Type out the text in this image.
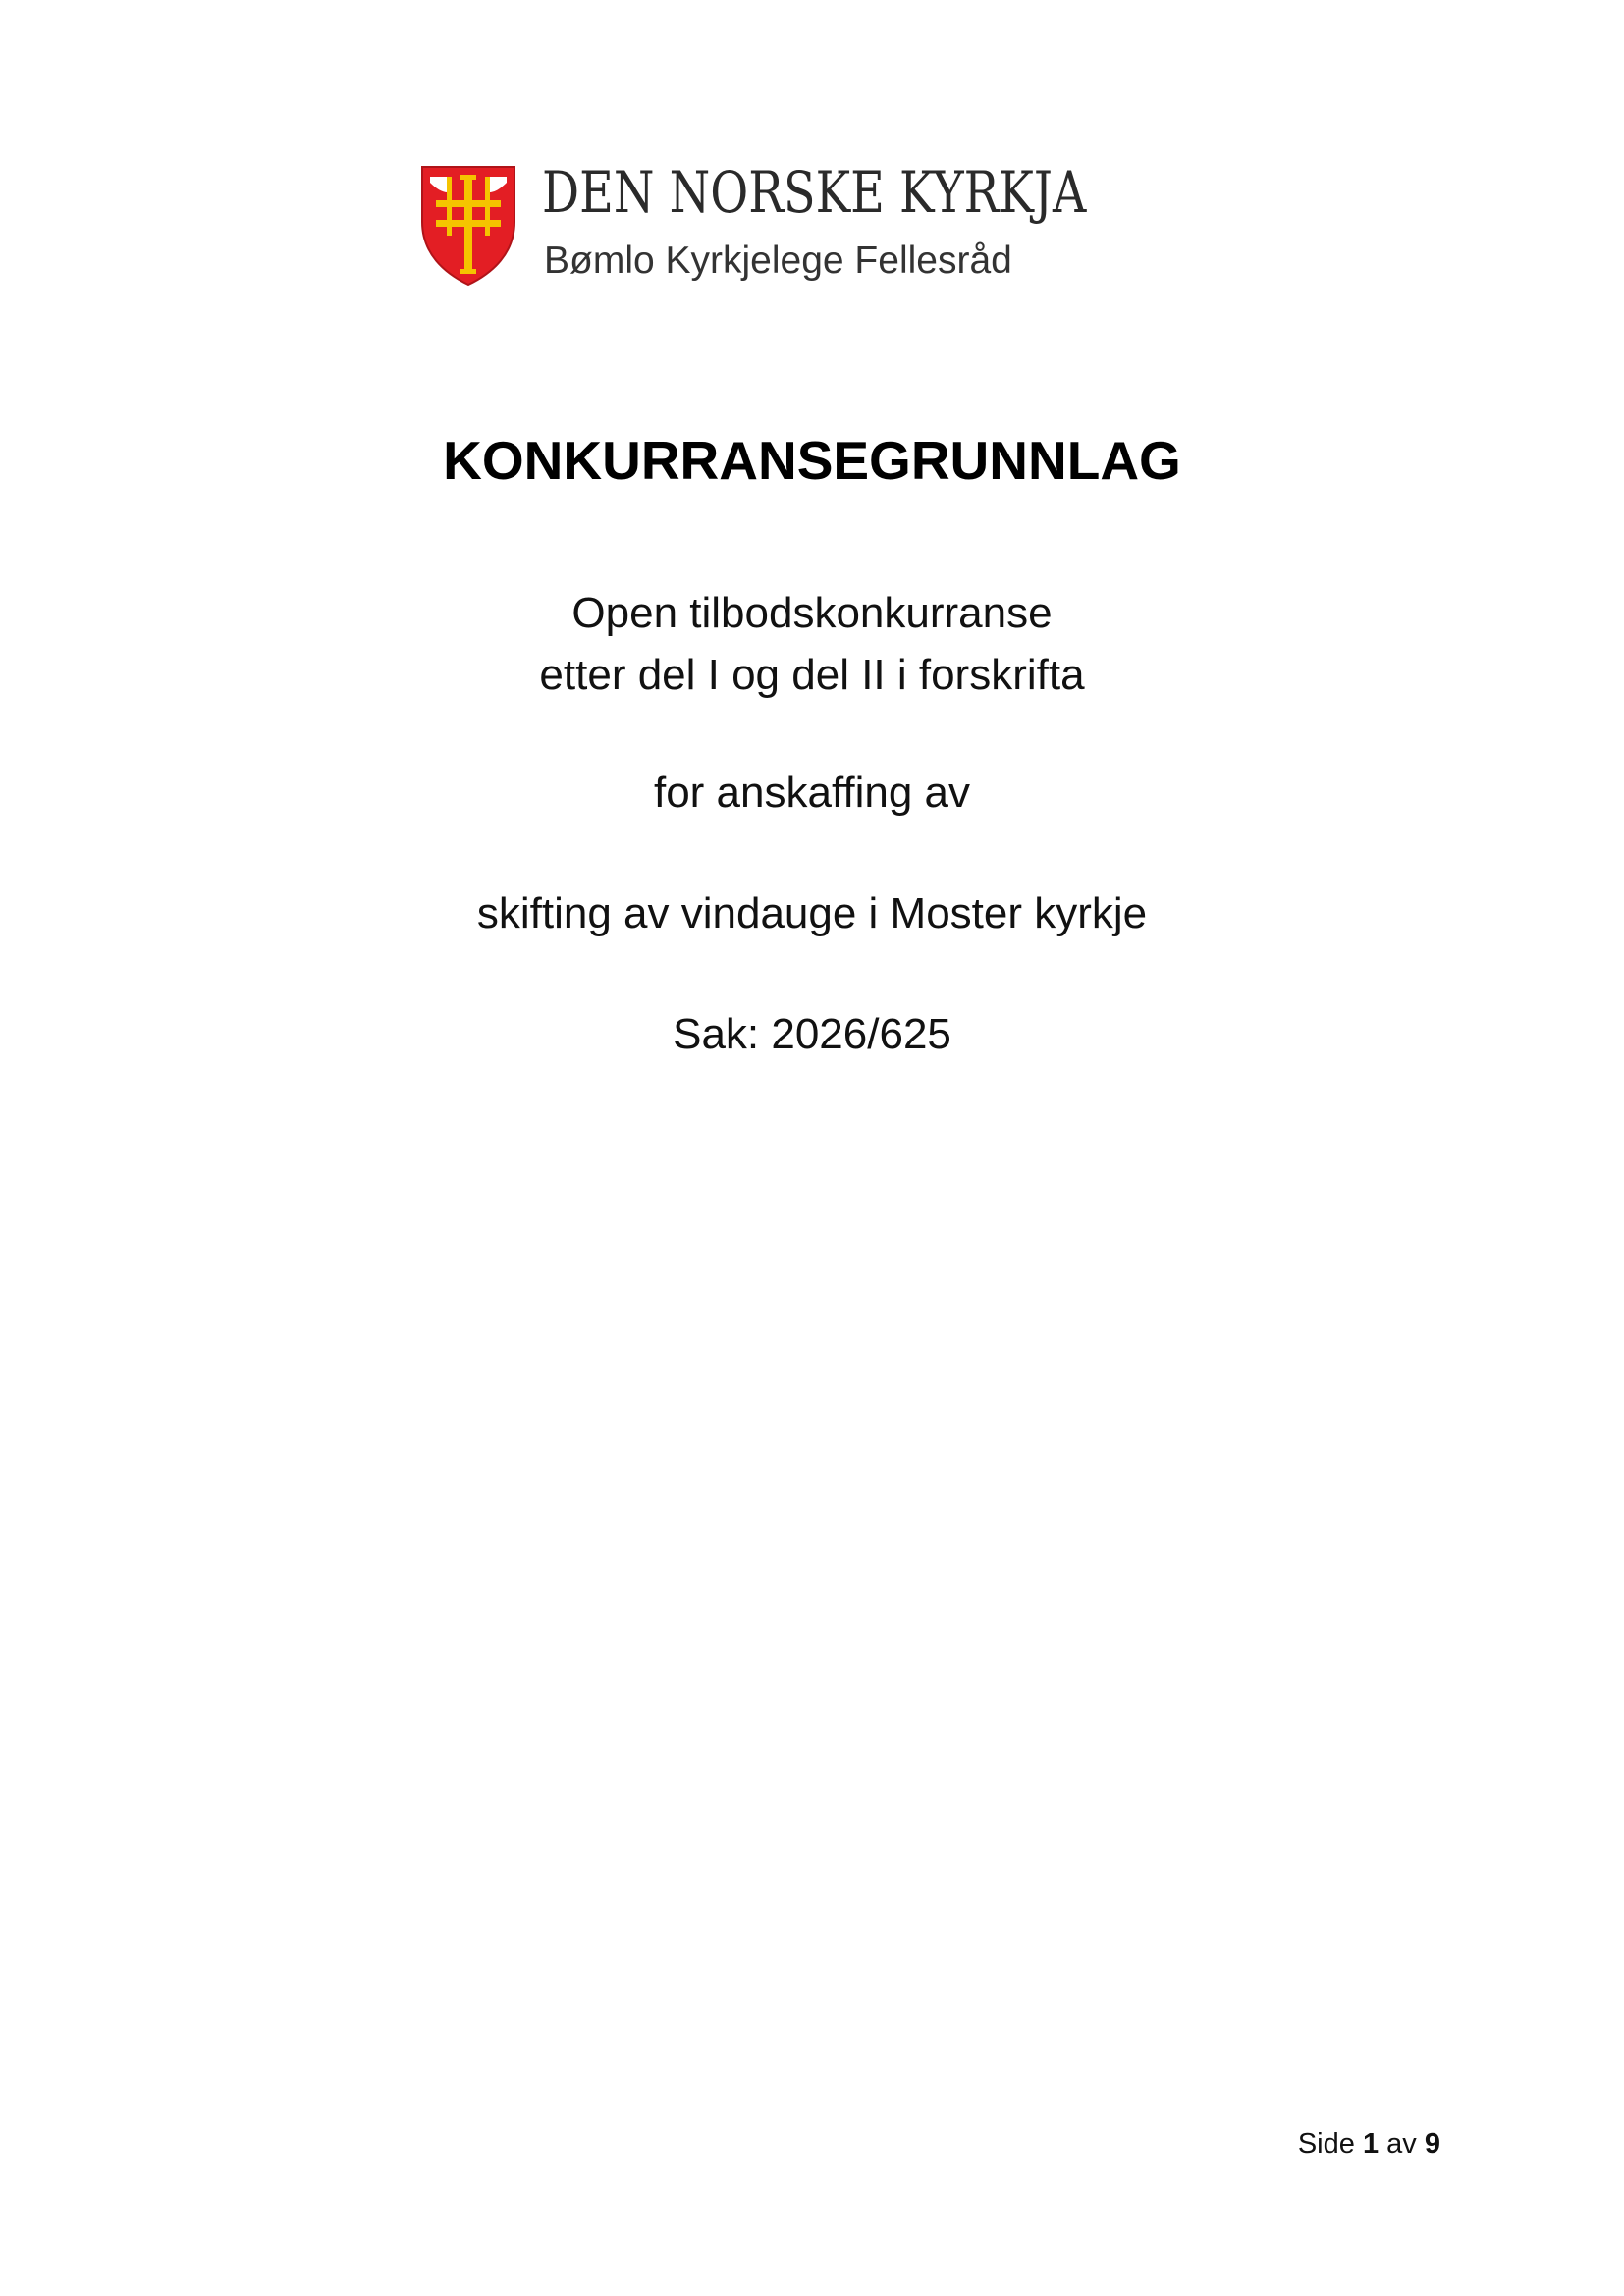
DEN NORSKE KYRKJA
Bømlo Kyrkjelege Fellesråd
KONKURRANSEGRUNNLAG
Open tilbodskonkurranse
etter del I og del II i forskrifta
for anskaffing av
skifting av vindauge i Moster kyrkje
Sak: 2026/625
Side 1 av 9
